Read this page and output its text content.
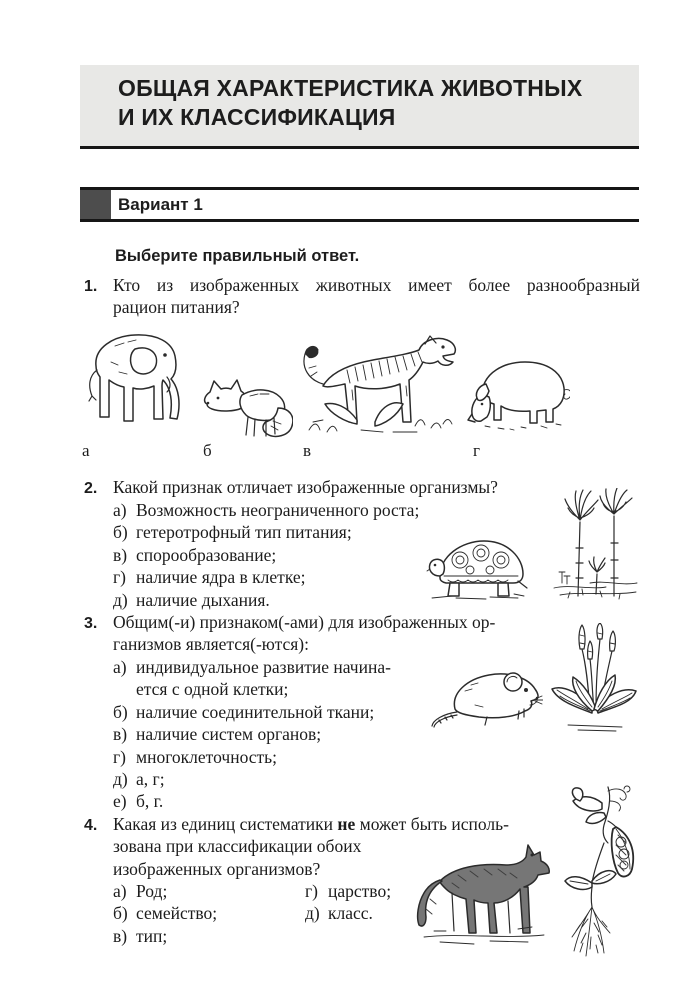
ОБЩАЯ ХАРАКТЕРИСТИКА ЖИВОТНЫХ
И ИХ КЛАССИФИКАЦИЯ
Вариант 1
Выберите правильный ответ.
1. Кто из изображенных животных имеет более разнообразный
рацион питания?
а	б	в	г
2. Какой признак отличает изображенные организмы?
а) Возможность неограниченного роста;
б) гетеротрофный тип питания;
в) спорообразование;
г) наличие ядра в клетке;
д) наличие дыхания.
3. Общим(-и) признаком(-ами) для изображенных ор-
ганизмов является(-ются):
а) индивидуальное развитие начина-
ется с одной клетки;
б) наличие соединительной ткани;
в) наличие систем органов;
г) многоклеточность;
д) а, г;
е) б, г.
4. Какая из единиц систематики не может быть исполь-
зована при классификации обоих
изображенных организмов?
а) Род;
б) семейство;
в) тип;
г) царство;
д) класс.
